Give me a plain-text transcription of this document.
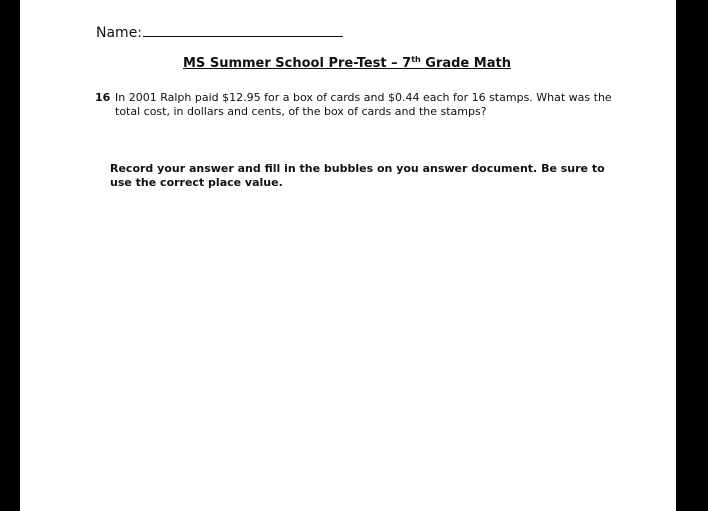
Name:
MS Summer School Pre-Test – 7th Grade Math
16 In 2001 Ralph paid $12.95 for a box of cards and $0.44 each for 16 stamps. What was the total cost, in dollars and cents, of the box of cards and the stamps?
Record your answer and fill in the bubbles on you answer document. Be sure to use the correct place value.
